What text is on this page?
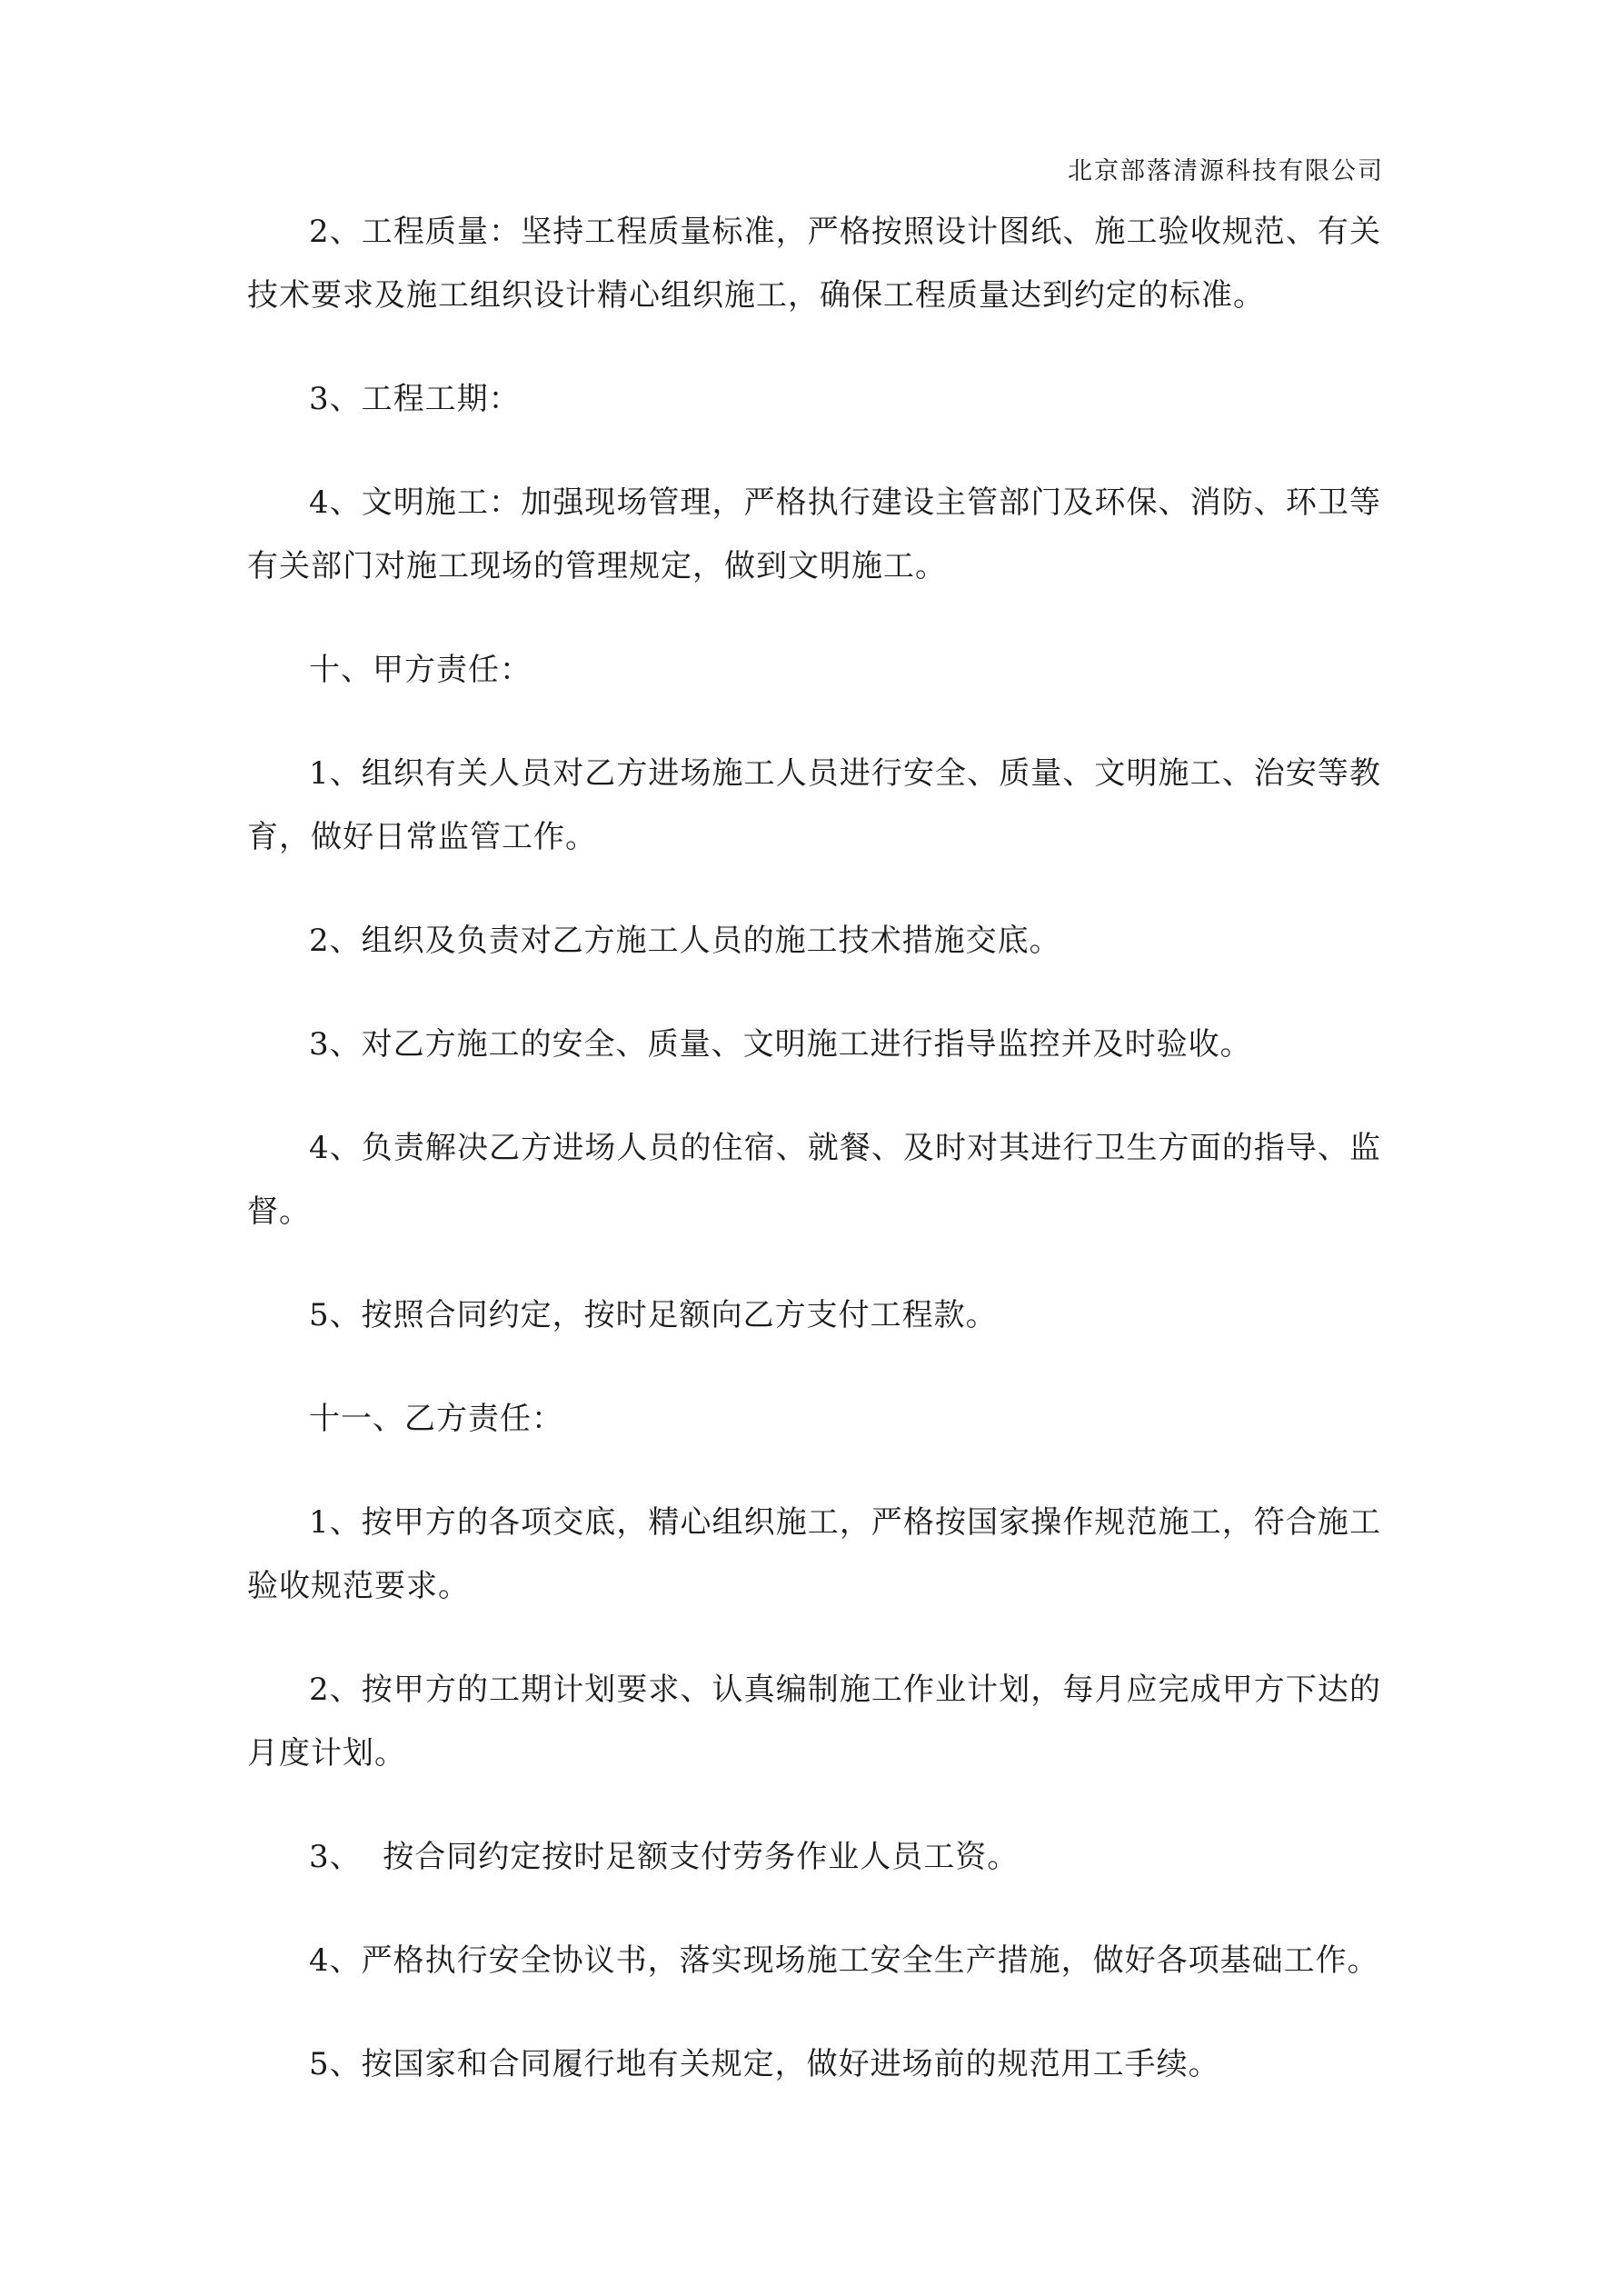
北京部落清源科技有限公司

2、工程质量：坚持工程质量标准，严格按照设计图纸、施工验收规范、有关技术要求及施工组织设计精心组织施工，确保工程质量达到约定的标准。

3、工程工期：

4、文明施工：加强现场管理，严格执行建设主管部门及环保、消防、环卫等有关部门对施工现场的管理规定，做到文明施工。

十、甲方责任：

1、组织有关人员对乙方进场施工人员进行安全、质量、文明施工、治安等教育，做好日常监管工作。

2、组织及负责对乙方施工人员的施工技术措施交底。

3、对乙方施工的安全、质量、文明施工进行指导监控并及时验收。

4、负责解决乙方进场人员的住宿、就餐、及时对其进行卫生方面的指导、监督。

5、按照合同约定，按时足额向乙方支付工程款。

十一、乙方责任：

1、按甲方的各项交底，精心组织施工，严格按国家操作规范施工，符合施工验收规范要求。

2、按甲方的工期计划要求、认真编制施工作业计划，每月应完成甲方下达的月度计划。

3、  按合同约定按时足额支付劳务作业人员工资。

4、严格执行安全协议书，落实现场施工安全生产措施，做好各项基础工作。

5、按国家和合同履行地有关规定，做好进场前的规范用工手续。
